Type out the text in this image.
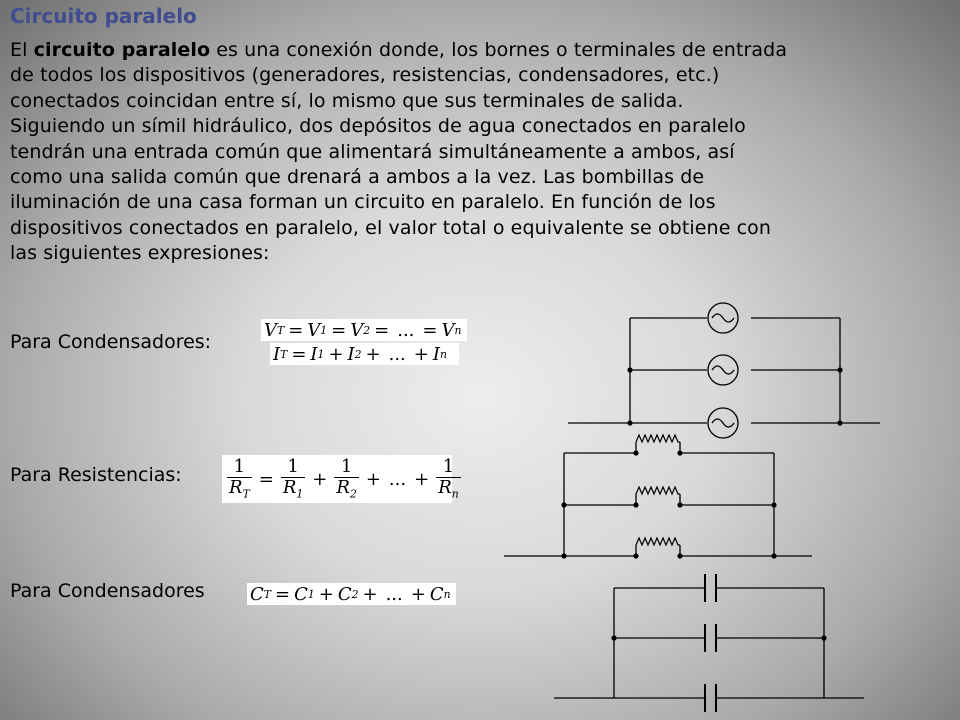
Circuito paralelo
El circuito paralelo es una conexión donde, los bornes o terminales de entrada
de todos los dispositivos (generadores, resistencias, condensadores, etc.)
conectados coincidan entre sí, lo mismo que sus terminales de salida.
Siguiendo un símil hidráulico, dos depósitos de agua conectados en paralelo
tendrán una entrada común que alimentará simultáneamente a ambos, así
como una salida común que drenará a ambos a la vez. Las bombillas de
iluminación de una casa forman un circuito en paralelo. En función de los
dispositivos conectados en paralelo, el valor total o equivalente se obtiene con
las siguientes expresiones:
Para Condensadores:
V T = V 1 = V 2 = ... = V n
I T = I 1 + I 2 + ... + I n
Para Resistencias:	$\frac{1}{R_T} = \frac{1}{R_1} + \frac{1}{R_2}$ + ... + $\frac{1}{R_n}$
Para Condensadores	C T = C 1 + C 2 + ... + C n
